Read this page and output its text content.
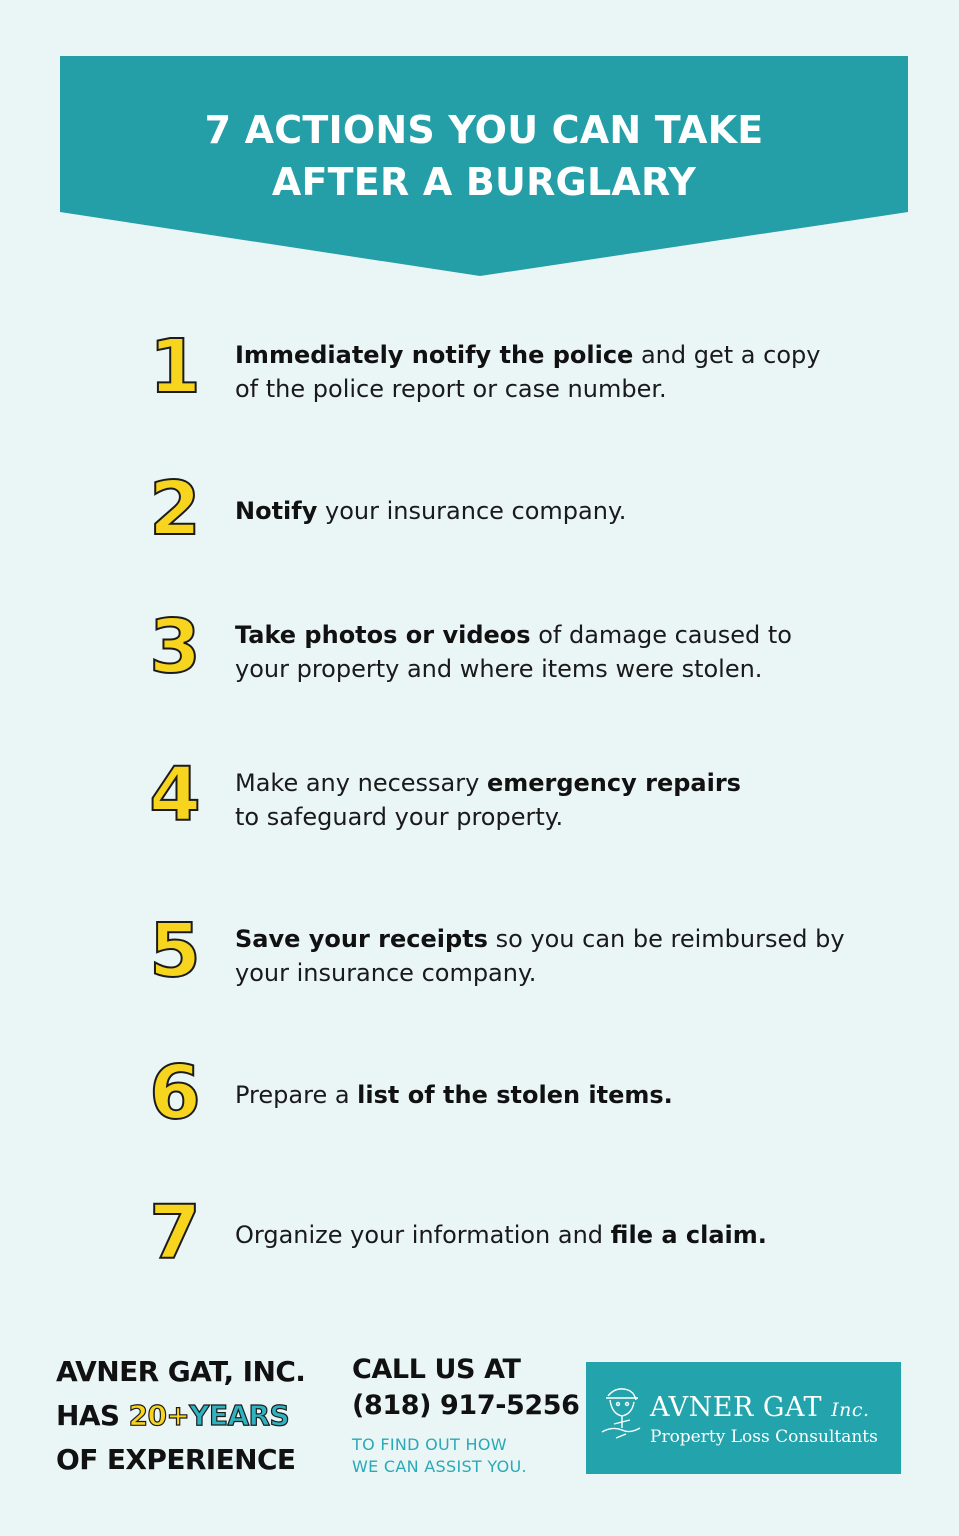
7 ACTIONS YOU CAN TAKE
AFTER A BURGLARY
1	Immediately notify the police and get a copy
of the police report or case number.
2	Notify your insurance company.
3	Take photos or videos of damage caused to
your property and where items were stolen.
4	Make any necessary emergency repairs
to safeguard your property.
5	Save your receipts so you can be reimbursed by
your insurance company.
6	Prepare a list of the stolen items.
7	Organize your information and file a claim.
AVNER GAT, INC.
HAS 20+YEARS
OF EXPERIENCE
CALL US AT
(818) 917-5256
TO FIND OUT HOW
WE CAN ASSIST YOU.
AVNER GAT Inc.
Property Loss Consultants
